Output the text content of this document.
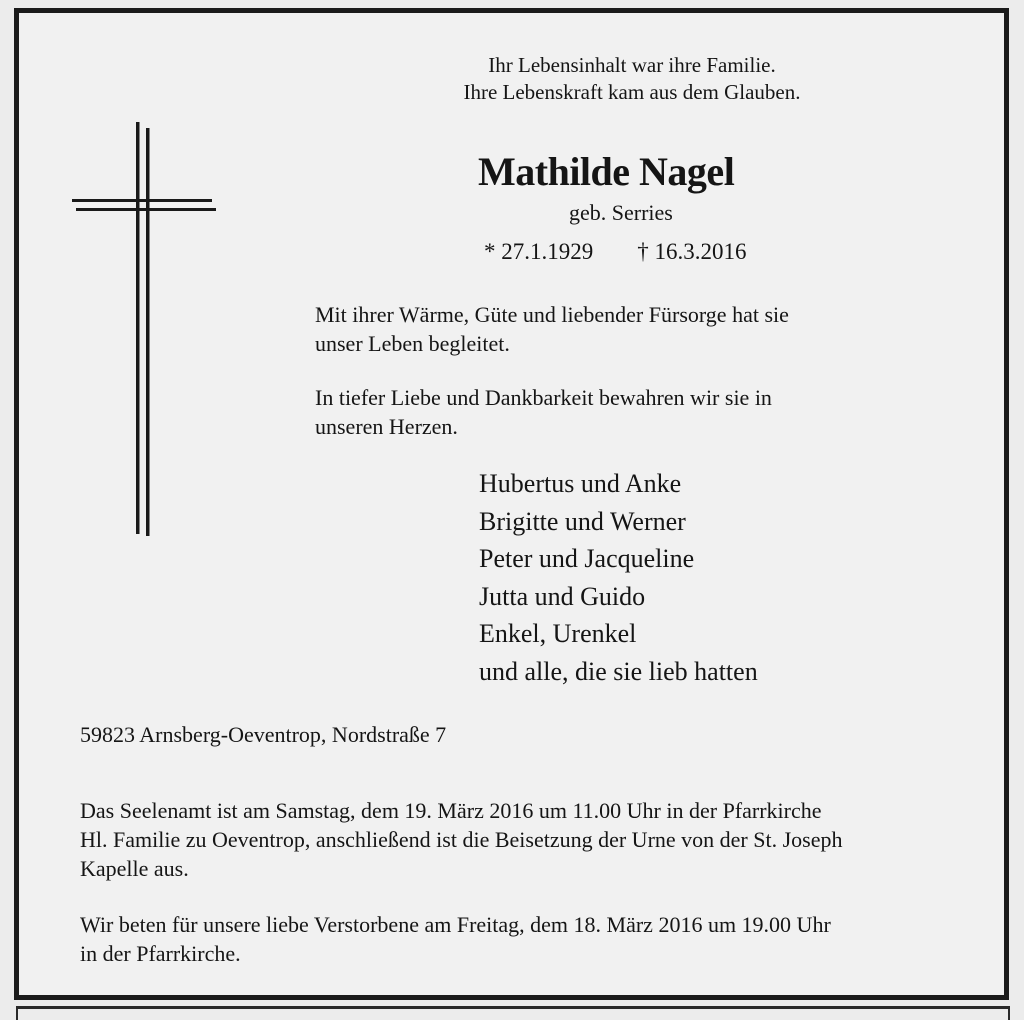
Ihr Lebensinhalt war ihre Familie.
Ihre Lebenskraft kam aus dem Glauben.
Mathilde Nagel
geb. Serries
* 27.1.1929 † 16.3.2016
Mit ihrer Wärme, Güte und liebender Fürsorge hat sie
unser Leben begleitet.
In tiefer Liebe und Dankbarkeit bewahren wir sie in
unseren Herzen.
Hubertus und Anke
Brigitte und Werner
Peter und Jacqueline
Jutta und Guido
Enkel, Urenkel
und alle, die sie lieb hatten
59823 Arnsberg-Oeventrop, Nordstraße 7
Das Seelenamt ist am Samstag, dem 19. März 2016 um 11.00 Uhr in der Pfarrkirche
Hl. Familie zu Oeventrop, anschließend ist die Beisetzung der Urne von der St. Joseph
Kapelle aus.
Wir beten für unsere liebe Verstorbene am Freitag, dem 18. März 2016 um 19.00 Uhr
in der Pfarrkirche.
